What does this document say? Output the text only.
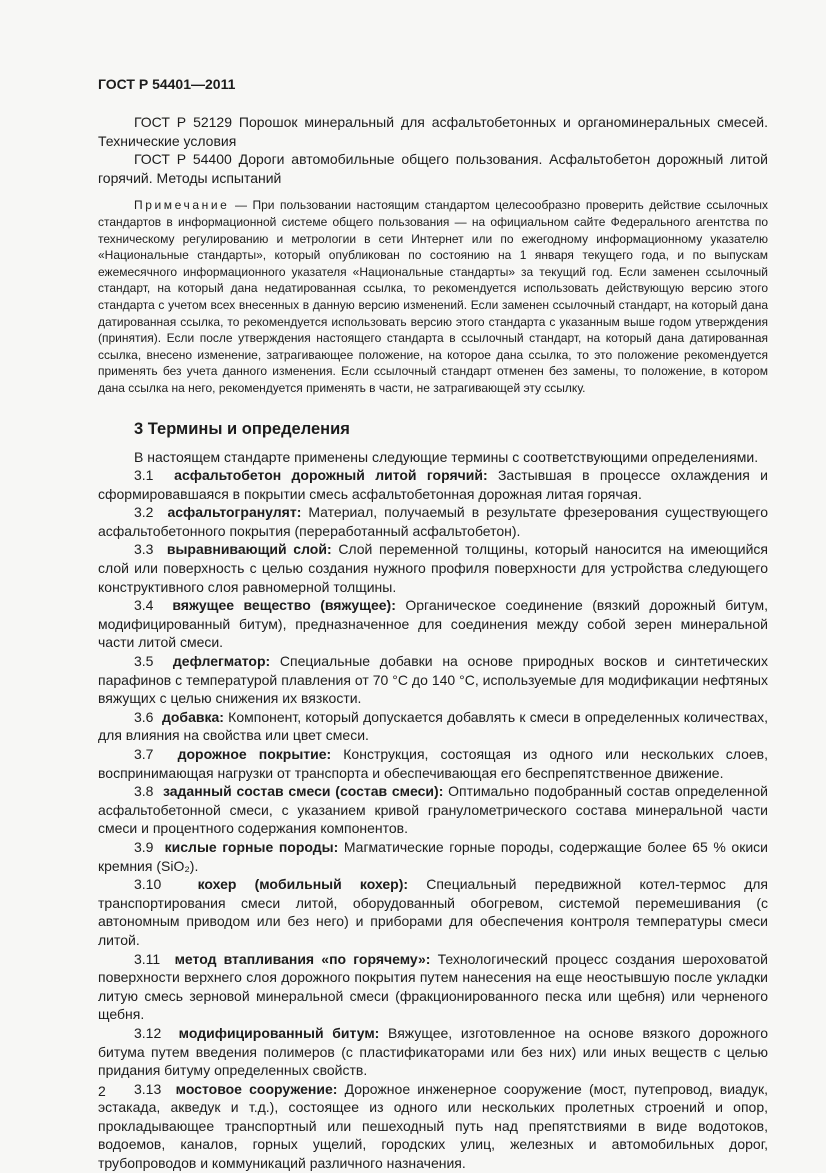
ГОСТ Р 54401—2011

ГОСТ Р 52129 Порошок минеральный для асфальтобетонных и органоминеральных смесей. Технические условия

ГОСТ Р 54400 Дороги автомобильные общего пользования. Асфальтобетон дорожный литой горячий. Методы испытаний

Примечание — При пользовании настоящим стандартом целесообразно проверить действие ссылочных стандартов в информационной системе общего пользования — на официальном сайте Федерального агентства по техническому регулированию и метрологии в сети Интернет или по ежегодному информационному указателю «Национальные стандарты», который опубликован по состоянию на 1 января текущего года, и по выпускам ежемесячного информационного указателя «Национальные стандарты» за текущий год. Если заменен ссылочный стандарт, на который дана недатированная ссылка, то рекомендуется использовать действующую версию этого стандарта с учетом всех внесенных в данную версию изменений. Если заменен ссылочный стандарт, на который дана датированная ссылка, то рекомендуется использовать версию этого стандарта с указанным выше годом утверждения (принятия). Если после утверждения настоящего стандарта в ссылочный стандарт, на который дана датированная ссылка, внесено изменение, затрагивающее положение, на которое дана ссылка, то это положение рекомендуется применять без учета данного изменения. Если ссылочный стандарт отменен без замены, то положение, в котором дана ссылка на него, рекомендуется применять в части, не затрагивающей эту ссылку.

3 Термины и определения

В настоящем стандарте применены следующие термины с соответствующими определениями.

3.1 асфальтобетон дорожный литой горячий: Застывшая в процессе охлаждения и сформировавшаяся в покрытии смесь асфальтобетонная дорожная литая горячая.

3.2 асфальтогранулят: Материал, получаемый в результате фрезерования существующего асфальтобетонного покрытия (переработанный асфальтобетон).

3.3 выравнивающий слой: Слой переменной толщины, который наносится на имеющийся слой или поверхность с целью создания нужного профиля поверхности для устройства следующего конструктивного слоя равномерной толщины.

3.4 вяжущее вещество (вяжущее): Органическое соединение (вязкий дорожный битум, модифицированный битум), предназначенное для соединения между собой зерен минеральной части литой смеси.

3.5 дефлегматор: Специальные добавки на основе природных восков и синтетических парафинов с температурой плавления от 70 °С до 140 °С, используемые для модификации нефтяных вяжущих с целью снижения их вязкости.

3.6 добавка: Компонент, который допускается добавлять к смеси в определенных количествах, для влияния на свойства или цвет смеси.

3.7 дорожное покрытие: Конструкция, состоящая из одного или нескольких слоев, воспринимающая нагрузки от транспорта и обеспечивающая его беспрепятственное движение.

3.8 заданный состав смеси (состав смеси): Оптимально подобранный состав определенной асфальтобетонной смеси, с указанием кривой гранулометрического состава минеральной части смеси и процентного содержания компонентов.

3.9 кислые горные породы: Магматические горные породы, содержащие более 65 % окиси кремния (SiO₂).

3.10	кохер (мобильный кохер): Специальный передвижной котел-термос для транспортирования смеси литой, оборудованный обогревом, системой перемешивания (с автономным приводом или без него) и приборами для обеспечения контроля температуры смеси литой.

3.11 метод втапливания «по горячему»: Технологический процесс создания шероховатой поверхности верхнего слоя дорожного покрытия путем нанесения на еще неостывшую после укладки литую смесь зерновой минеральной смеси (фракционированного песка или щебня) или черненого щебня.

3.12 модифицированный битум: Вяжущее, изготовленное на основе вязкого дорожного битума путем введения полимеров (с пластификаторами или без них) или иных веществ с целью придания битуму определенных свойств.

3.13 мостовое сооружение: Дорожное инженерное сооружение (мост, путепровод, виадук, эстакада, акведук и т.д.), состоящее из одного или нескольких пролетных строений и опор, прокладывающее транспортный или пешеходный путь над препятствиями в виде водотоков, водоемов, каналов, горных ущелий, городских улиц, железных и автомобильных дорог, трубопроводов и коммуникаций различного назначения.

2
